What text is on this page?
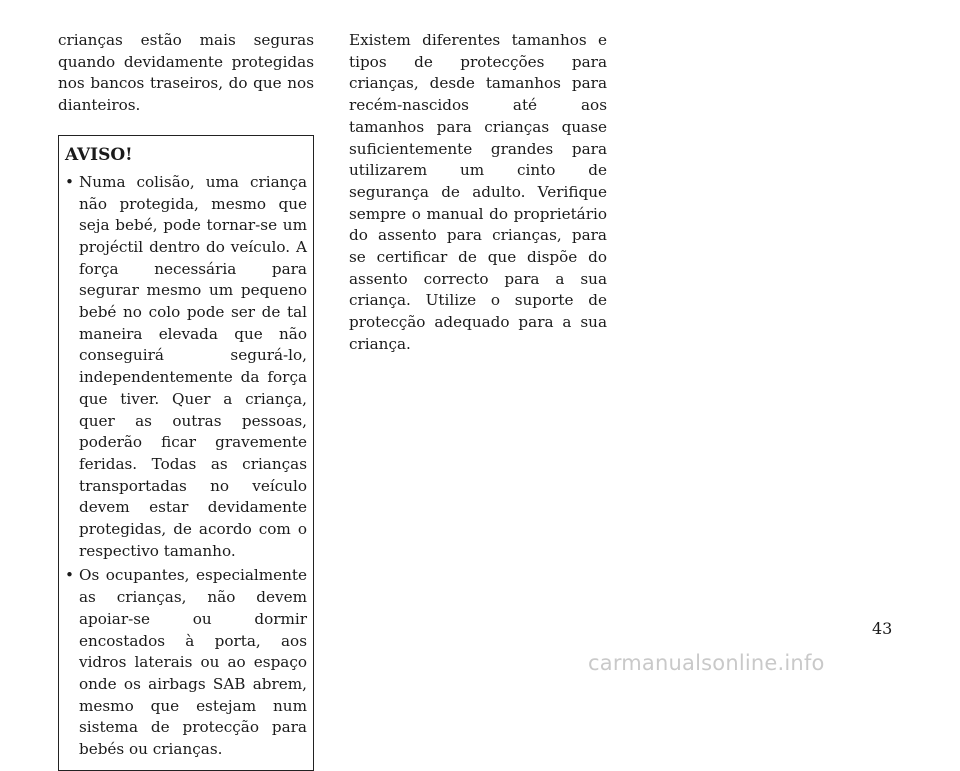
crianças estão mais seguras quando devidamente protegidas nos bancos traseiros, do que nos dianteiros.

AVISO!
• Numa colisão, uma criança não protegida, mesmo que seja bebé, pode tornar-se um projéctil dentro do veículo. A força necessária para segurar mesmo um pequeno bebé no colo pode ser de tal maneira elevada que não conseguirá segurá-lo, independentemente da força que tiver. Quer a criança, quer as outras pessoas, poderão ficar gravemente feridas. Todas as crianças transportadas no veículo devem estar devidamente protegidas, de acordo com o respectivo tamanho.
• Os ocupantes, especialmente as crianças, não devem apoiar-se ou dormir encostados à porta, aos vidros laterais ou ao espaço onde os airbags SAB abrem, mesmo que estejam num sistema de protecção para bebés ou crianças.

Existem diferentes tamanhos e tipos de protecções para crianças, desde tamanhos para recém-nascidos até aos tamanhos para crianças quase suficientemente grandes para utilizarem um cinto de segurança de adulto. Verifique sempre o manual do proprietário do assento para crianças, para se certificar de que dispõe do assento correcto para a sua criança. Utilize o suporte de protecção adequado para a sua criança.

43
carmanualsonline.info
